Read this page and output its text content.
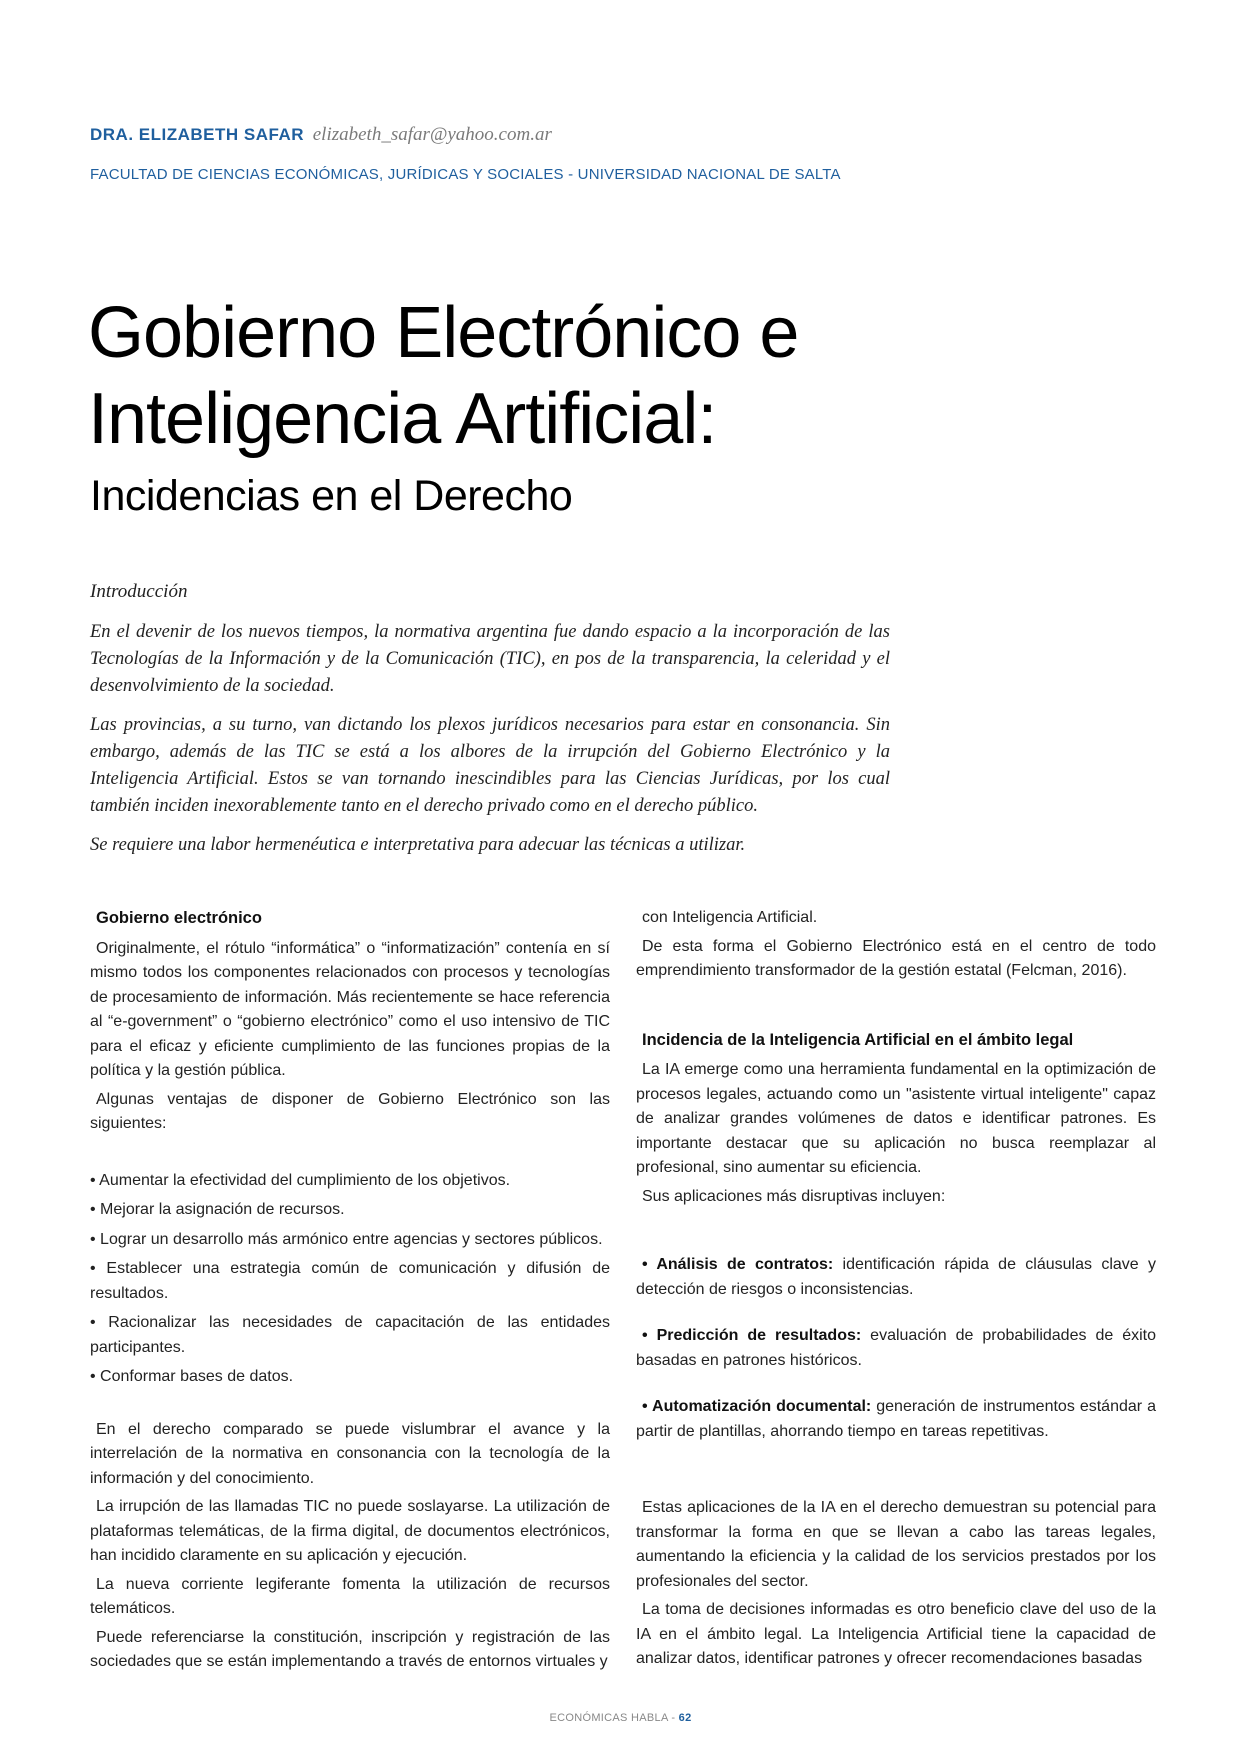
DRA. ELIZABETH SAFAR elizabeth_safar@yahoo.com.ar
FACULTAD DE CIENCIAS ECONÓMICAS, JURÍDICAS Y SOCIALES - UNIVERSIDAD NACIONAL DE SALTA
Gobierno Electrónico e
Inteligencia Artificial:
Incidencias en el Derecho
Introducción

En el devenir de los nuevos tiempos, la normativa argentina fue dando espacio a la incorporación de las Tecnologías de la Información y de la Comunicación (TIC), en pos de la transparencia, la celeridad y el desenvolvimiento de la sociedad.

Las provincias, a su turno, van dictando los plexos jurídicos necesarios para estar en consonancia. Sin embargo, además de las TIC se está a los albores de la irrupción del Gobierno Electrónico y la Inteligencia Artificial. Estos se van tornando inescindibles para las Ciencias Jurídicas, por los cual también inciden inexorablemente tanto en el derecho privado como en el derecho público.

Se requiere una labor hermenéutica e interpretativa para adecuar las técnicas a utilizar.

Gobierno electrónico

Originalmente, el rótulo “informática” o “informatización” contenía en sí mismo todos los componentes relacionados con procesos y tecnologías de procesamiento de información. Más recientemente se hace referencia al “e-government” o “gobierno electrónico” como el uso intensivo de TIC para el eficaz y eficiente cumplimiento de las funciones propias de la política y la gestión pública.

Algunas ventajas de disponer de Gobierno Electrónico son las siguientes:

• Aumentar la efectividad del cumplimiento de los objetivos.
• Mejorar la asignación de recursos.
• Lograr un desarrollo más armónico entre agencias y sectores públicos.
• Establecer una estrategia común de comunicación y difusión de resultados.
• Racionalizar las necesidades de capacitación de las entidades participantes.
• Conformar bases de datos.

En el derecho comparado se puede vislumbrar el avance y la interrelación de la normativa en consonancia con la tecnología de la información y del conocimiento.

La irrupción de las llamadas TIC no puede soslayarse. La utilización de plataformas telemáticas, de la firma digital, de documentos electrónicos, han incidido claramente en su aplicación y ejecución.

La nueva corriente legiferante fomenta la utilización de recursos telemáticos.

Puede referenciarse la constitución, inscripción y registración de las sociedades que se están implementando a través de entornos virtuales y

con Inteligencia Artificial.

De esta forma el Gobierno Electrónico está en el centro de todo emprendimiento transformador de la gestión estatal (Felcman, 2016).

Incidencia de la Inteligencia Artificial en el ámbito legal

La IA emerge como una herramienta fundamental en la optimización de procesos legales, actuando como un "asistente virtual inteligente" capaz de analizar grandes volúmenes de datos e identificar patrones. Es importante destacar que su aplicación no busca reemplazar al profesional, sino aumentar su eficiencia.

Sus aplicaciones más disruptivas incluyen:

• Análisis de contratos: identificación rápida de cláusulas clave y detección de riesgos o inconsistencias.
• Predicción de resultados: evaluación de probabilidades de éxito basadas en patrones históricos.
• Automatización documental: generación de instrumentos estándar a partir de plantillas, ahorrando tiempo en tareas repetitivas.

Estas aplicaciones de la IA en el derecho demuestran su potencial para transformar la forma en que se llevan a cabo las tareas legales, aumentando la eficiencia y la calidad de los servicios prestados por los profesionales del sector.

La toma de decisiones informadas es otro beneficio clave del uso de la IA en el ámbito legal. La Inteligencia Artificial tiene la capacidad de analizar datos, identificar patrones y ofrecer recomendaciones basadas

ECONÓMICAS HABLA - 62
